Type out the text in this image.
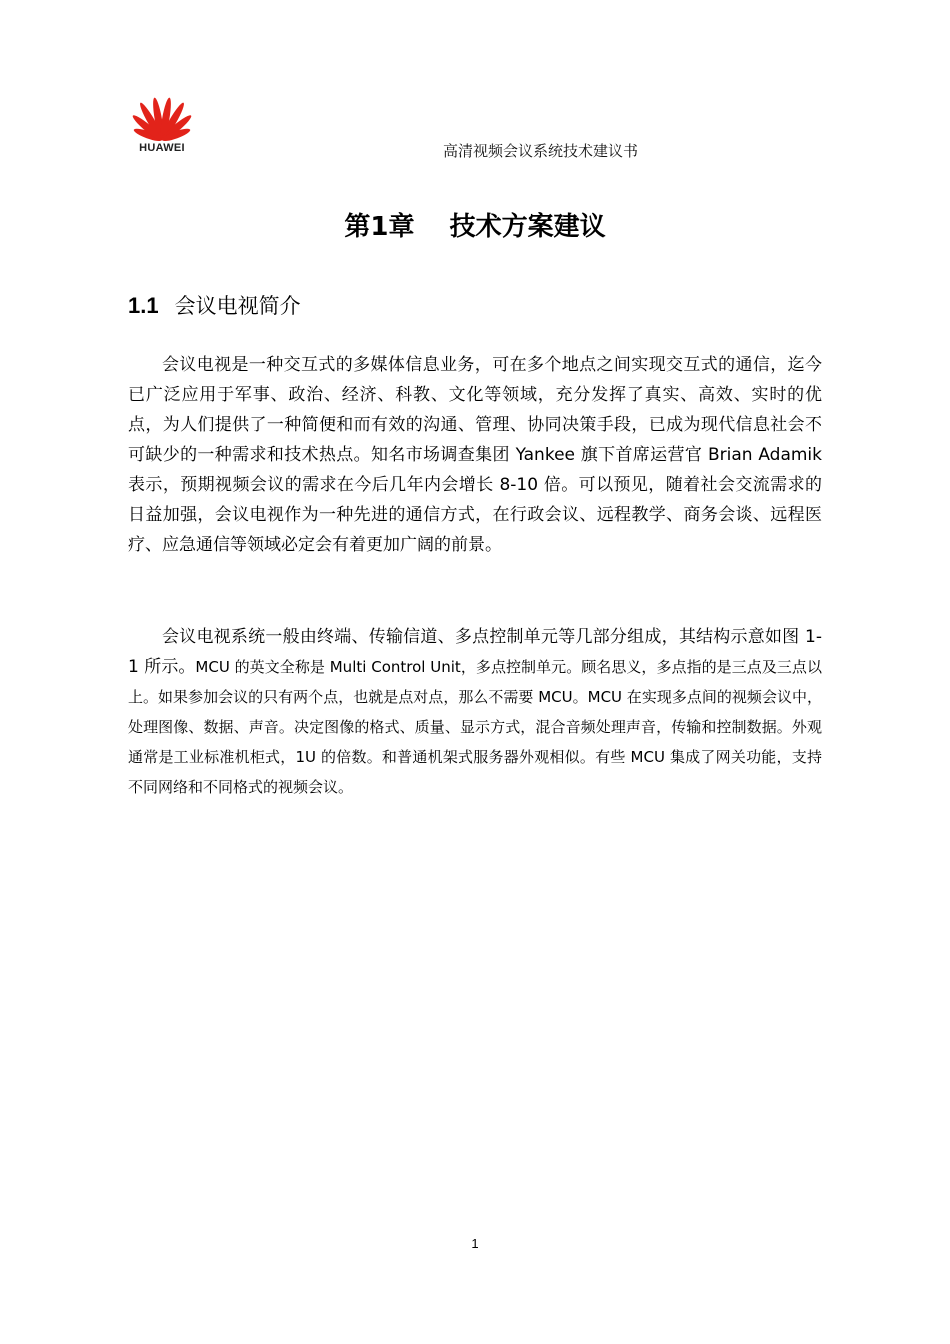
HUAWEI	高清视频会议系统技术建议书
第1章　 技术方案建议
1.1 会议电视简介

会议电视是一种交互式的多媒体信息业务，可在多个地点之间实现交互式的通信，迄今已广泛应用于军事、政治、经济、科教、文化等领域，充分发挥了真实、高效、实时的优点，为人们提供了一种简便和而有效的沟通、管理、协同决策手段，已成为现代信息社会不可缺少的一种需求和技术热点。知名市场调查集团 Yankee 旗下首席运营官 Brian Adamik 表示，预期视频会议的需求在今后几年内会增长 8-10 倍。可以预见，随着社会交流需求的日益加强，会议电视作为一种先进的通信方式，在行政会议、远程教学、商务会谈、远程医疗、应急通信等领域必定会有着更加广阔的前景。

会议电视系统一般由终端、传输信道、多点控制单元等几部分组成，其结构示意如图 1-1 所示。MCU 的英文全称是 Multi Control Unit，多点控制单元。顾名思义，多点指的是三点及三点以上。如果参加会议的只有两个点，也就是点对点，那么不需要 MCU。MCU 在实现多点间的视频会议中，处理图像、数据、声音。决定图像的格式、质量、显示方式，混合音频处理声音，传输和控制数据。外观通常是工业标准机柜式，1U 的倍数。和普通机架式服务器外观相似。有些 MCU 集成了网关功能，支持不同网络和不同格式的视频会议。

1
